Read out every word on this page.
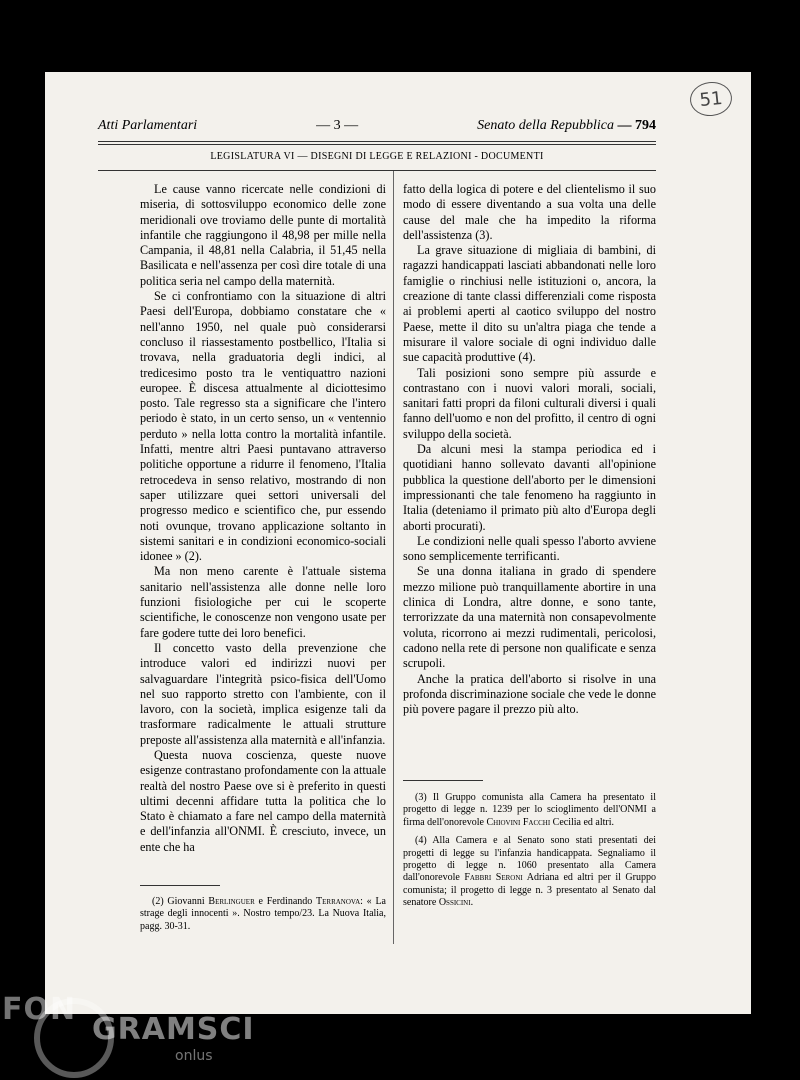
51
Atti Parlamentari	— 3 —	Senato della Repubblica — 794
LEGISLATURA VI — DISEGNI DI LEGGE E RELAZIONI - DOCUMENTI

Le cause vanno ricercate nelle condizioni di miseria, di sottosviluppo economico delle zone meridionali ove troviamo delle punte di mortalità infantile che raggiungono il 48,98 per mille nella Campania, il 48,81 nella Calabria, il 51,45 nella Basilicata e nell'assenza per così dire totale di una politica seria nel campo della maternità.

Se ci confrontiamo con la situazione di altri Paesi dell'Europa, dobbiamo constatare che « nell'anno 1950, nel quale può considerarsi concluso il riassestamento postbellico, l'Italia si trovava, nella graduatoria degli indici, al tredicesimo posto tra le ventiquattro nazioni europee. È discesa attualmente al diciottesimo posto. Tale regresso sta a significare che l'intero periodo è stato, in un certo senso, un « ventennio perduto » nella lotta contro la mortalità infantile. Infatti, mentre altri Paesi puntavano attraverso politiche opportune a ridurre il fenomeno, l'Italia retrocedeva in senso relativo, mostrando di non saper utilizzare quei settori universali del progresso medico e scientifico che, pur essendo noti ovunque, trovano applicazione soltanto in sistemi sanitari e in condizioni economico-sociali idonee » (2).

Ma non meno carente è l'attuale sistema sanitario nell'assistenza alle donne nelle loro funzioni fisiologiche per cui le scoperte scientifiche, le conoscenze non vengono usate per fare godere tutte dei loro benefici.

Il concetto vasto della prevenzione che introduce valori ed indirizzi nuovi per salvaguardare l'integrità psico-fisica dell'Uomo nel suo rapporto stretto con l'ambiente, con il lavoro, con la società, implica esigenze tali da trasformare radicalmente le attuali strutture preposte all'assistenza alla maternità e all'infanzia.

Questa nuova coscienza, queste nuove esigenze contrastano profondamente con la attuale realtà del nostro Paese ove si è preferito in questi ultimi decenni affidare tutta la politica che lo Stato è chiamato a fare nel campo della maternità e dell'infanzia all'ONMI. È cresciuto, invece, un ente che ha

fatto della logica di potere e del clientelismo il suo modo di essere diventando a sua volta una delle cause del male che ha impedito la riforma dell'assistenza (3).

La grave situazione di migliaia di bambini, di ragazzi handicappati lasciati abbandonati nelle loro famiglie o rinchiusi nelle istituzioni o, ancora, la creazione di tante classi differenziali come risposta ai problemi aperti al caotico sviluppo del nostro Paese, mette il dito su un'altra piaga che tende a misurare il valore sociale di ogni individuo dalle sue capacità produttive (4).

Tali posizioni sono sempre più assurde e contrastano con i nuovi valori morali, sociali, sanitari fatti propri da filoni culturali diversi i quali fanno dell'uomo e non del profitto, il centro di ogni sviluppo della società.

Da alcuni mesi la stampa periodica ed i quotidiani hanno sollevato davanti all'opinione pubblica la questione dell'aborto per le dimensioni impressionanti che tale fenomeno ha raggiunto in Italia (deteniamo il primato più alto d'Europa degli aborti procurati).

Le condizioni nelle quali spesso l'aborto avviene sono semplicemente terrificanti.

Se una donna italiana in grado di spendere mezzo milione può tranquillamente abortire in una clinica di Londra, altre donne, e sono tante, terrorizzate da una maternità non consapevolmente voluta, ricorrono ai mezzi rudimentali, pericolosi, cadono nella rete di persone non qualificate e senza scrupoli.

Anche la pratica dell'aborto si risolve in una profonda discriminazione sociale che vede le donne più povere pagare il prezzo più alto.

(2) Giovanni Berlinguer e Ferdinando Terranova: « La strage degli innocenti ». Nostro tempo/23. La Nuova Italia, pagg. 30-31.

(3) Il Gruppo comunista alla Camera ha presentato il progetto di legge n. 1239 per lo scioglimento dell'ONMI a firma dell'onorevole Chiovini Facchi Cecilia ed altri.

(4) Alla Camera e al Senato sono stati presentati dei progetti di legge su l'infanzia handicappata. Segnaliamo il progetto di legge n. 1060 presentato alla Camera dall'onorevole Fabbri Seroni Adriana ed altri per il Gruppo comunista; il progetto di legge n. 3 presentato al Senato dal senatore Ossicini.

FON
GRAMSCI
onlus
